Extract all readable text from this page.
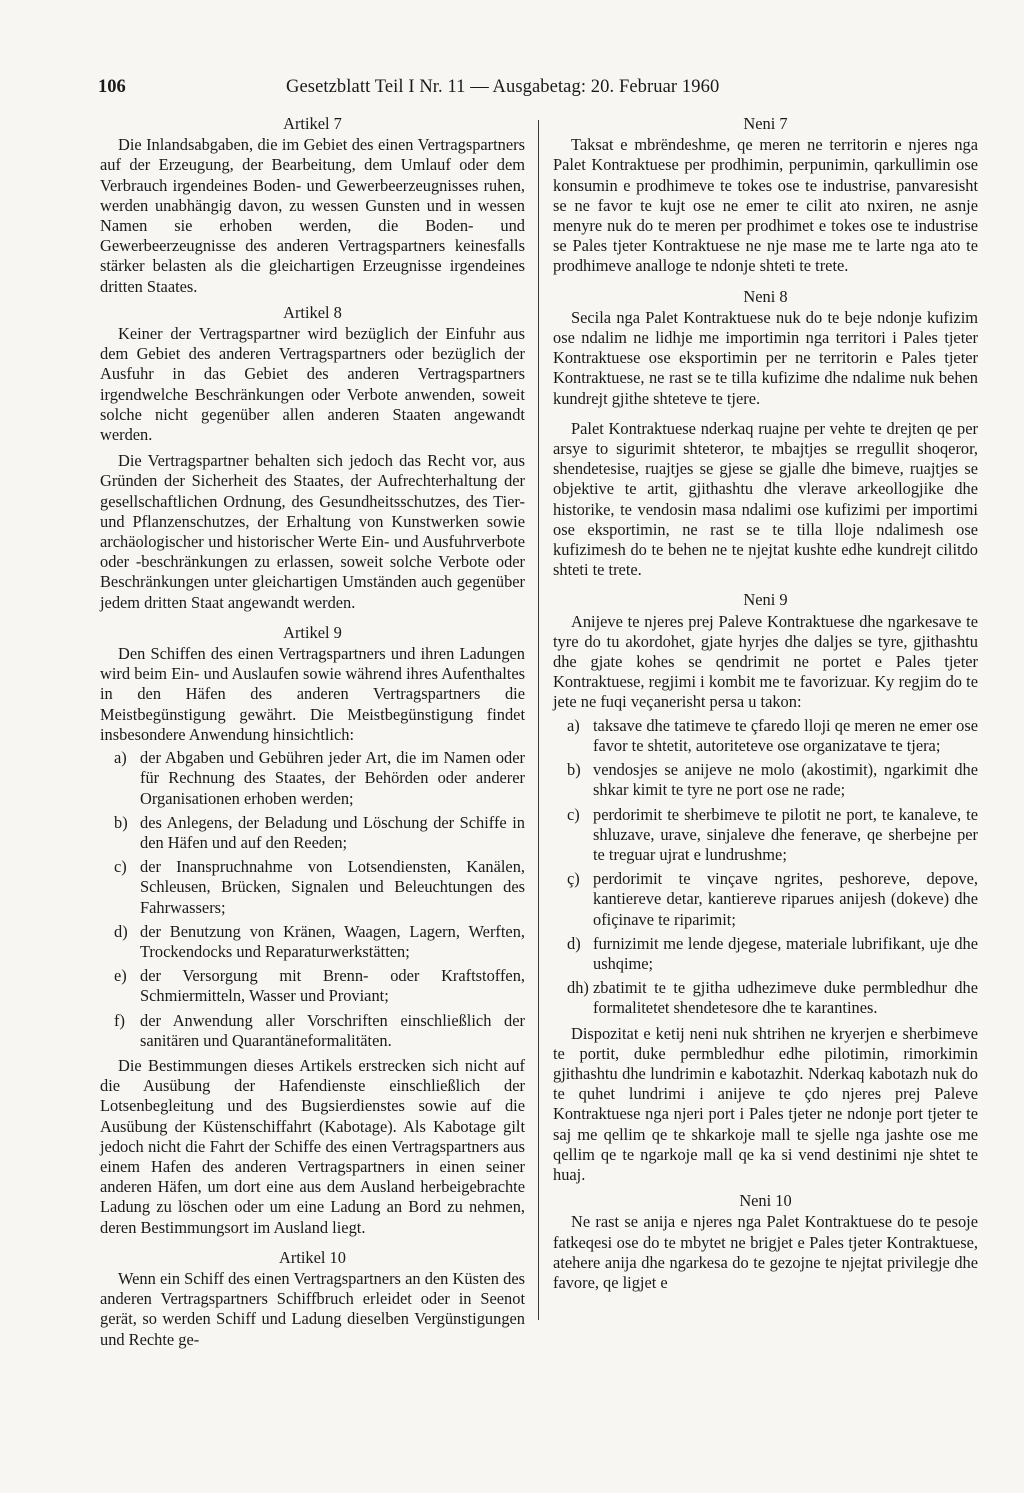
106	Gesetzblatt Teil I Nr. 11 — Ausgabetag: 20. Februar 1960

Artikel 7

Die Inlandsabgaben, die im Gebiet des einen Vertragspartners auf der Erzeugung, der Bearbeitung, dem Umlauf oder dem Verbrauch irgendeines Boden- und Gewerbeerzeugnisses ruhen, werden unabhängig davon, zu wessen Gunsten und in wessen Namen sie erhoben werden, die Boden- und Gewerbeerzeugnisse des anderen Vertragspartners keinesfalls stärker belasten als die gleichartigen Erzeugnisse irgendeines dritten Staates.

Artikel 8

Keiner der Vertragspartner wird bezüglich der Einfuhr aus dem Gebiet des anderen Vertragspartners oder bezüglich der Ausfuhr in das Gebiet des anderen Vertragspartners irgendwelche Beschränkungen oder Verbote anwenden, soweit solche nicht gegenüber allen anderen Staaten angewandt werden.

Die Vertragspartner behalten sich jedoch das Recht vor, aus Gründen der Sicherheit des Staates, der Aufrechterhaltung der gesellschaftlichen Ordnung, des Gesundheitsschutzes, des Tier- und Pflanzenschutzes, der Erhaltung von Kunstwerken sowie archäologischer und historischer Werte Ein- und Ausfuhrverbote oder -beschränkungen zu erlassen, soweit solche Verbote oder Beschränkungen unter gleichartigen Umständen auch gegenüber jedem dritten Staat angewandt werden.

Artikel 9

Den Schiffen des einen Vertragspartners und ihren Ladungen wird beim Ein- und Auslaufen sowie während ihres Aufenthaltes in den Häfen des anderen Vertragspartners die Meistbegünstigung gewährt. Die Meistbegünstigung findet insbesondere Anwendung hinsichtlich:

a) der Abgaben und Gebühren jeder Art, die im Namen oder für Rechnung des Staates, der Behörden oder anderer Organisationen erhoben werden;
b) des Anlegens, der Beladung und Löschung der Schiffe in den Häfen und auf den Reeden;
c) der Inanspruchnahme von Lotsendiensten, Kanälen, Schleusen, Brücken, Signalen und Beleuchtungen des Fahrwassers;
d) der Benutzung von Kränen, Waagen, Lagern, Werften, Trockendocks und Reparaturwerkstätten;
e) der Versorgung mit Brenn- oder Kraftstoffen, Schmiermitteln, Wasser und Proviant;
f) der Anwendung aller Vorschriften einschließlich der sanitären und Quarantäneformalitäten.

Die Bestimmungen dieses Artikels erstrecken sich nicht auf die Ausübung der Hafendienste einschließlich der Lotsenbegleitung und des Bugsierdienstes sowie auf die Ausübung der Küstenschiffahrt (Kabotage). Als Kabotage gilt jedoch nicht die Fahrt der Schiffe des einen Vertragspartners aus einem Hafen des anderen Vertragspartners in einen seiner anderen Häfen, um dort eine aus dem Ausland herbeigebrachte Ladung zu löschen oder um eine Ladung an Bord zu nehmen, deren Bestimmungsort im Ausland liegt.

Artikel 10

Wenn ein Schiff des einen Vertragspartners an den Küsten des anderen Vertragspartners Schiffbruch erleidet oder in Seenot gerät, so werden Schiff und Ladung dieselben Vergünstigungen und Rechte ge-

Neni 7

Taksat e mbrëndeshme, qe meren ne territorin e njeres nga Palet Kontraktuese per prodhimin, perpunimin, qarkullimin ose konsumin e prodhimeve te tokes ose te industrise, panvaresisht se ne favor te kujt ose ne emer te cilit ato nxiren, ne asnje menyre nuk do te meren per prodhimet e tokes ose te industrise se Pales tjeter Kontraktuese ne nje mase me te larte nga ato te prodhimeve analloge te ndonje shteti te trete.

Neni 8

Secila nga Palet Kontraktuese nuk do te beje ndonje kufizim ose ndalim ne lidhje me importimin nga territori i Pales tjeter Kontraktuese ose eksportimin per ne territorin e Pales tjeter Kontraktuese, ne rast se te tilla kufizime dhe ndalime nuk behen kundrejt gjithe shteteve te tjere.

Palet Kontraktuese nderkaq ruajne per vehte te drejten qe per arsye to sigurimit shteteror, te mbajtjes se rregullit shoqeror, shendetesise, ruajtjes se gjese se gjalle dhe bimeve, ruajtjes se objektive te artit, gjithashtu dhe vlerave arkeollogjike dhe historike, te vendosin masa ndalimi ose kufizimi per importimi ose eksportimin, ne rast se te tilla lloje ndalimesh ose kufizimesh do te behen ne te njejtat kushte edhe kundrejt cilitdo shteti te trete.

Neni 9

Anijeve te njeres prej Paleve Kontraktuese dhe ngarkesave te tyre do tu akordohet, gjate hyrjes dhe daljes se tyre, gjithashtu dhe gjate kohes se qendrimit ne portet e Pales tjeter Kontraktuese, regjimi i kombit me te favorizuar. Ky regjim do te jete ne fuqi veçanerisht persa u takon:

a) taksave dhe tatimeve te çfaredo lloji qe meren ne emer ose favor te shtetit, autoriteteve ose organizatave te tjera;
b) vendosjes se anijeve ne molo (akostimit), ngarkimit dhe shkar kimit te tyre ne port ose ne rade;
c) perdorimit te sherbimeve te pilotit ne port, te kanaleve, te shluzave, urave, sinjaleve dhe fenerave, qe sherbejne per te treguar ujrat e lundrushme;
ç) perdorimit te vinçave ngrites, peshoreve, depove, kantiereve detar, kantiereve riparues anijesh (dokeve) dhe ofiçinave te riparimit;
d) furnizimit me lende djegese, materiale lubrifikant, uje dhe ushqime;
dh) zbatimit te te gjitha udhezimeve duke permbledhur dhe formalitetet shendetesore dhe te karantines.

Dispozitat e ketij neni nuk shtrihen ne kryerjen e sherbimeve te portit, duke permbledhur edhe pilotimin, rimorkimin gjithashtu dhe lundrimin e kabotazhit. Nderkaq kabotazh nuk do te quhet lundrimi i anijeve te çdo njeres prej Paleve Kontraktuese nga njeri port i Pales tjeter ne ndonje port tjeter te saj me qellim qe te shkarkoje mall te sjelle nga jashte ose me qellim qe te ngarkoje mall qe ka si vend destinimi nje shtet te huaj.

Neni 10

Ne rast se anija e njeres nga Palet Kontraktuese do te pesoje fatkeqesi ose do te mbytet ne brigjet e Pales tjeter Kontraktuese, atehere anija dhe ngarkesa do te gezojne te njejtat privilegje dhe favore, qe ligjet e
